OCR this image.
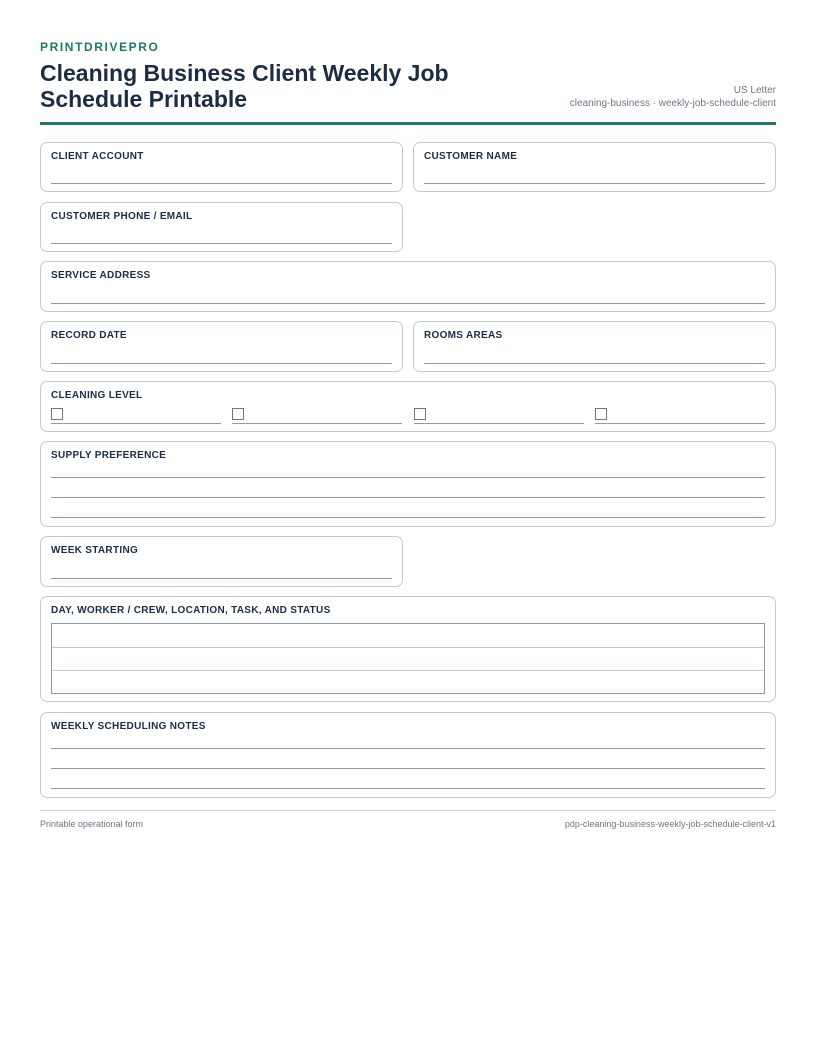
PRINTDRIVEPRO
Cleaning Business Client Weekly Job Schedule Printable	US Letter
cleaning-business · weekly-job-schedule-client
CLIENT ACCOUNT	CUSTOMER NAME
CUSTOMER PHONE / EMAIL
SERVICE ADDRESS
RECORD DATE	ROOMS AREAS
CLEANING LEVEL
SUPPLY PREFERENCE
WEEK STARTING
DAY, WORKER / CREW, LOCATION, TASK, AND STATUS
WEEKLY SCHEDULING NOTES
Printable operational form	pdp-cleaning-business-weekly-job-schedule-client-v1
